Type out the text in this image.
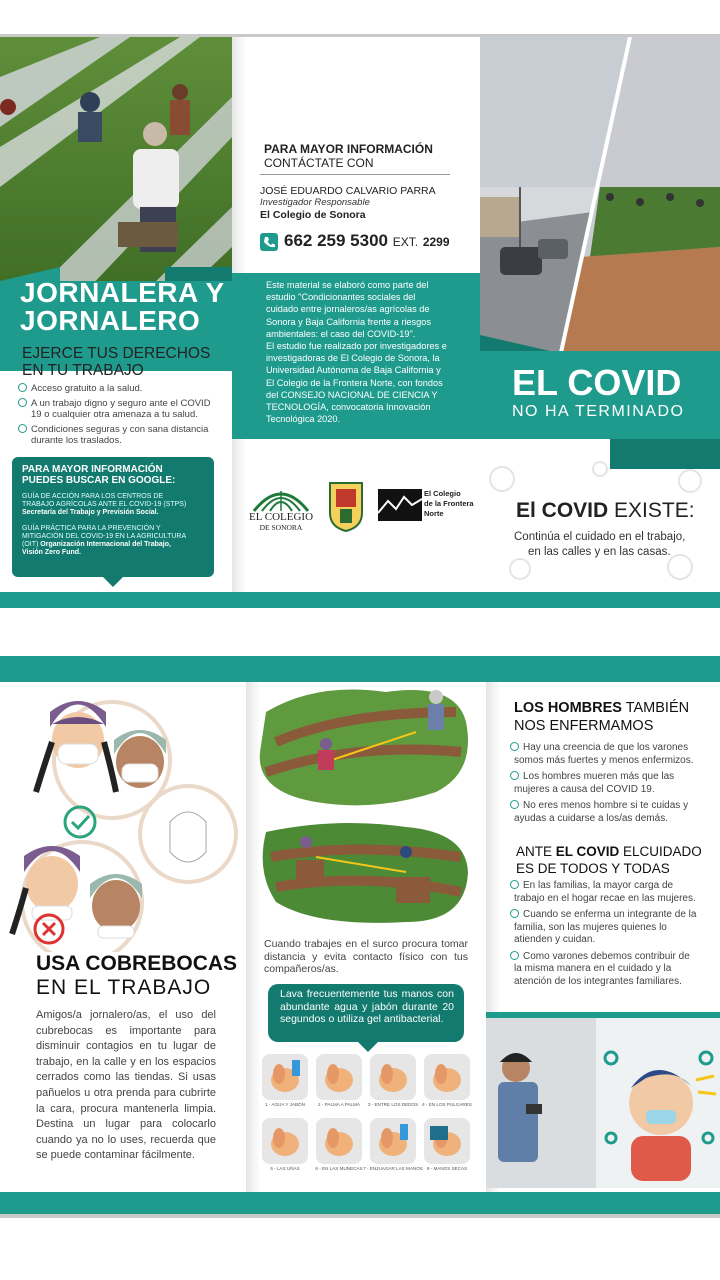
JORNALERA Y
JORNALERO
EJERCE TUS DERECHOS
EN TU TRABAJO
Acceso gratuito a la salud.
A un trabajo digno y seguro ante el COVID
19 o cualquier otra amenaza a tu salud.
Condiciones seguras y con sana distancia
durante los traslados.
PARA MAYOR INFORMACIÓN
PUEDES BUSCAR EN GOOGLE:
GUÍA DE ACCIÓN PARA LOS CENTROS DE
TRABAJO AGRÍCOLAS ANTE EL COVID-19 (STPS)
Secretaría del Trabajo y Previsión Social.
GUÍA PRÁCTICA PARA LA PREVENCIÓN Y
MITIGACIÓN DEL COVID-19 EN LA AGRICULTURA
(OIT) Organización Internacional del Trabajo,
Visión Zero Fund.
PARA MAYOR INFORMACIÓN
CONTÁCTATE CON
JOSÉ EDUARDO CALVARIO PARRA
Investigador Responsable
El Colegio de Sonora
662 259 5300 EXT. 2299
EL COLEGIO
DE SONORA
El Colegio
de la Frontera
Norte
EL COVID
NO HA TERMINADO
El COVID EXISTE:
Continúa el cuidado en el trabajo,
en las calles y en las casas.
USA COBREBOCAS
EN EL TRABAJO
Amigos/a jornalero/as, el uso del cubrebocas es importante para disminuir contagios en tu lugar de trabajo, en la calle y en los espacios cerrados como las tiendas. Si usas pañuelos u otra prenda para cubrirte la cara, procura mantenerla limpia. Destina un lugar para colocarlo cuando ya no lo uses, recuerda que se puede contaminar fácilmente.
Cuando trabajes en el surco procura tomar distancia y evita contacto físico con tus compañeros/as.
Lava frecuentemente tus manos con abundante agua y jabón durante 20 segundos o utiliza gel antibacterial.
1 - AGUA Y JABÓN	2 - PALMA A PALMA	3 - ENTRE LOS DEDOS 4 - EN LOS PULGARES
5 - LAS UÑAS	6 - EN LAS MUÑECAS 7 - ENJUAGAR LAS MANOS 8 - MANOS SECAS
LOS HOMBRES TAMBIÉN
NOS ENFERMAMOS
Hay una creencia de que los varones
somos más fuertes y menos enfermizos.
Los hombres mueren más que las
mujeres a causa del COVID 19.
No eres menos hombre si te cuidas y
ayudas a cuidarse a los/as demás.
ANTE EL COVID ELCUIDADO
ES DE TODOS Y TODAS
En las familias, la mayor carga de
trabajo en el hogar recae en las mujeres.
Cuando se enferma un integrante de la
familia, son las mujeres quienes lo
atienden y cuidan.
Como varones debemos contribuir de
la misma manera en el cuidado y la
atención de los integrantes familiares.
Este material se elaboró como parte del
estudio "Condicionantes sociales del
cuidado entre jornaleros/as agrícolas de
Sonora y Baja California frente a riesgos
ambientales: el caso del COVID-19".
El estudio fue realizado por investigadores e
investigadoras de El Colegio de Sonora, la
Universidad Autónoma de Baja California y
El Colegio de la Frontera Norte, con fondos
del CONSEJO NACIONAL DE CIENCIA Y
TECNOLOGÍA, convocatoria Innovación
Tecnológica 2020.
